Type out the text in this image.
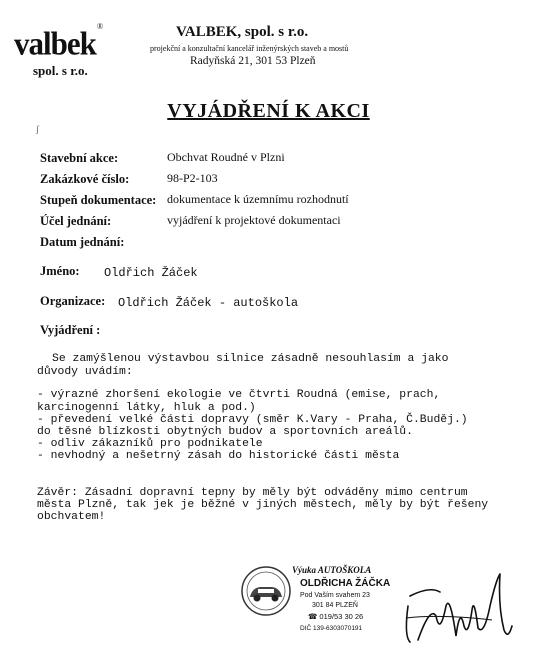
valbek ®
spol. s r.o.
VALBEK, spol. s r.o.
projekční a konzultační kancelář inženýrských staveb a mostů
Radyňská 21, 301 53 Plzeň
ʃ
VYJÁDŘENÍ K AKCI
Stavební akce:	Obchvat Roudné v Plzni
Zakázkové číslo:	98-P2-103
Stupeň dokumentace: dokumentace k územnímu rozhodnutí
Účel jednání:	vyjádření k projektové dokumentaci
Datum jednání:
Jméno: Oldřich Žáček
Organizace: Oldřich Žáček - autoškola
Vyjádření :
Se zamýšlenou výstavbou silnice zásadně nesouhlasím a jako
důvody uvádím:
- výrazné zhoršení ekologie ve čtvrti Roudná (emise, prach,
karcinogenní látky, hluk a pod.)
- převedení velké části dopravy (směr K.Vary - Praha, Č.Buděj.)
do těsné blízkosti obytných budov a sportovních areálů.
- odliv zákazníků pro podnikatele
- nevhodný a nešetrný zásah do historické části města
Závěr: Zásadní dopravní tepny by měly být odváděny mimo centrum
města Plzně, tak jek je běžné v jiných městech, měly by být řešeny
obchvatem!
Výuka AUTOŠKOLA
OLDŘICHA ŽÁČKA
Pod Vaším svahem 23
301 84 PLZEŇ
☎ 019/53 30 26
DIČ 139-6303070191
